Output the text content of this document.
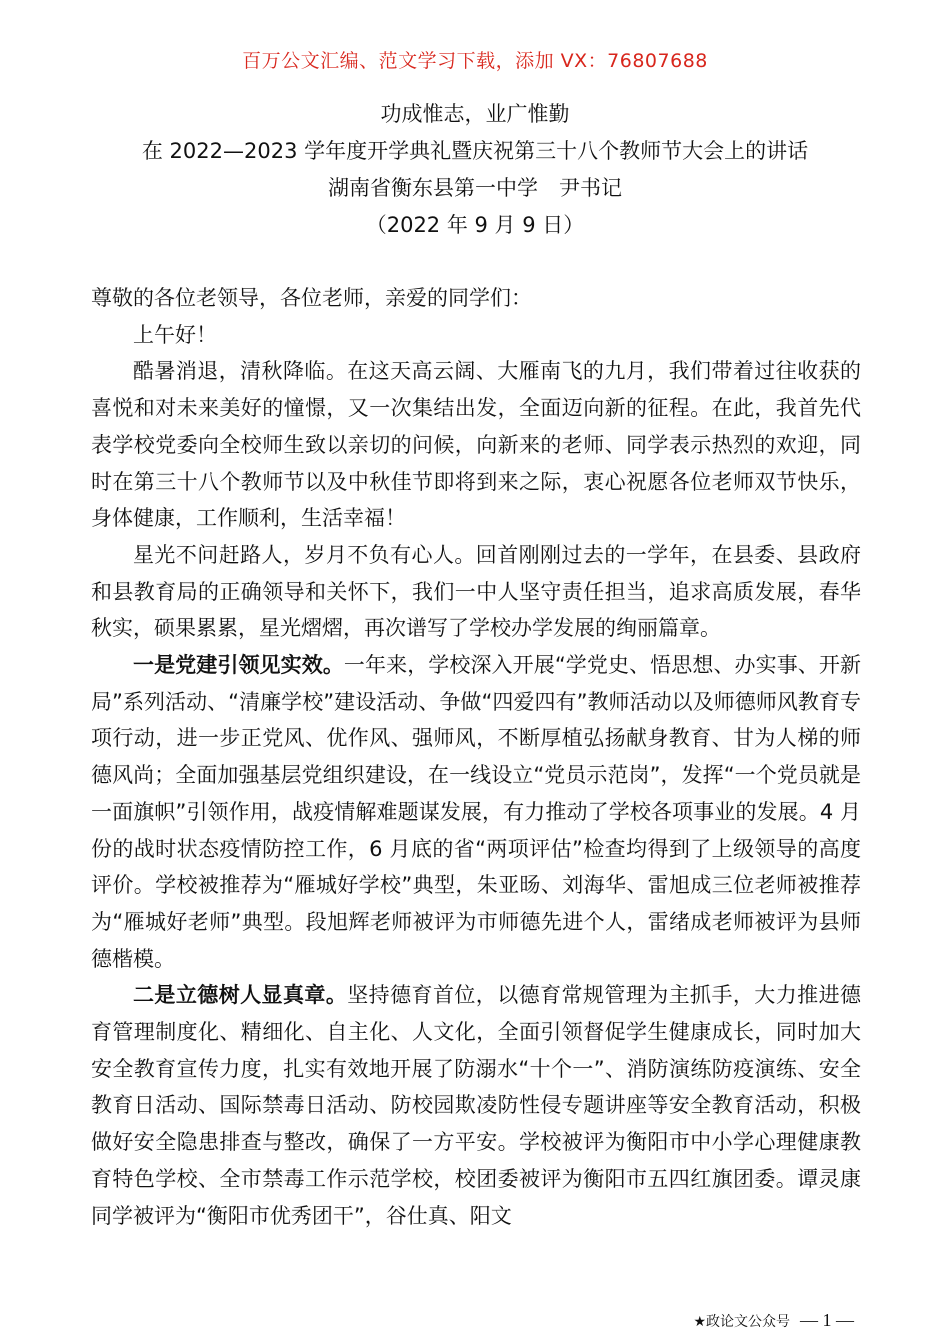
百万公文汇编、范文学习下载，添加 VX：76807688
功成惟志，业广惟勤
在 2022—2023 学年度开学典礼暨庆祝第三十八个教师节大会上的讲话
湖南省衡东县第一中学　尹书记
（2022 年 9 月 9 日）

尊敬的各位老领导，各位老师，亲爱的同学们：

上午好！

酷暑消退，清秋降临。在这天高云阔、大雁南飞的九月，我们带着过往收获的喜悦和对未来美好的憧憬，又一次集结出发，全面迈向新的征程。在此，我首先代表学校党委向全校师生致以亲切的问候，向新来的老师、同学表示热烈的欢迎，同时在第三十八个教师节以及中秋佳节即将到来之际，衷心祝愿各位老师双节快乐，身体健康，工作顺利，生活幸福！

星光不问赶路人，岁月不负有心人。回首刚刚过去的一学年，在县委、县政府和县教育局的正确领导和关怀下，我们一中人坚守责任担当，追求高质发展，春华秋实，硕果累累，星光熠熠，再次谱写了学校办学发展的绚丽篇章。

一是党建引领见实效。一年来，学校深入开展“学党史、悟思想、办实事、开新局”系列活动、“清廉学校”建设活动、争做“四爱四有”教师活动以及师德师风教育专项行动，进一步正党风、优作风、强师风，不断厚植弘扬献身教育、甘为人梯的师德风尚；全面加强基层党组织建设，在一线设立“党员示范岗”，发挥“一个党员就是一面旗帜”引领作用，战疫情解难题谋发展，有力推动了学校各项事业的发展。4 月份的战时状态疫情防控工作，6 月底的省“两项评估”检查均得到了上级领导的高度评价。学校被推荐为“雁城好学校”典型，朱亚旸、刘海华、雷旭成三位老师被推荐为“雁城好老师”典型。段旭辉老师被评为市师德先进个人，雷绪成老师被评为县师德楷模。

二是立德树人显真章。坚持德育首位，以德育常规管理为主抓手，大力推进德育管理制度化、精细化、自主化、人文化，全面引领督促学生健康成长，同时加大安全教育宣传力度，扎实有效地开展了防溺水“十个一”、消防演练防疫演练、安全教育日活动、国际禁毒日活动、防校园欺凌防性侵专题讲座等安全教育活动，积极做好安全隐患排查与整改，确保了一方平安。学校被评为衡阳市中小学心理健康教育特色学校、全市禁毒工作示范学校，校团委被评为衡阳市五四红旗团委。谭灵康同学被评为“衡阳市优秀团干”，谷仕真、阳文

★政论文公众号 — 1 —
